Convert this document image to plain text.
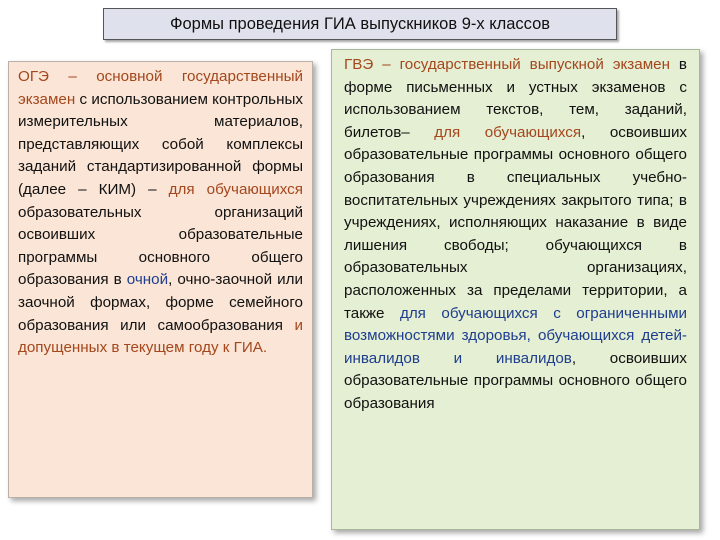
Формы проведения ГИА выпускников 9-х классов

ОГЭ – основной государственный экзамен с использованием контрольных измерительных материалов, представляющих собой комплексы заданий стандартизированной формы (далее – КИМ) – для обучающихся образовательных организаций освоивших образовательные программы основного общего образования в очной, очно-заочной или заочной формах, форме семейного образования или самообразования и допущенных в текущем году к ГИА.

ГВЭ – государственный выпускной экзамен в форме письменных и устных экзаменов с использованием текстов, тем, заданий, билетов– для обучающихся, освоивших образовательные программы основного общего образования в специальных учебно-воспитательных учреждениях закрытого типа; в учреждениях, исполняющих наказание в виде лишения свободы; обучающихся в образовательных организациях, расположенных за пределами территории, а также для обучающихся с ограниченными возможностями здоровья, обучающихся детей-инвалидов и инвалидов, освоивших образовательные программы основного общего образования
